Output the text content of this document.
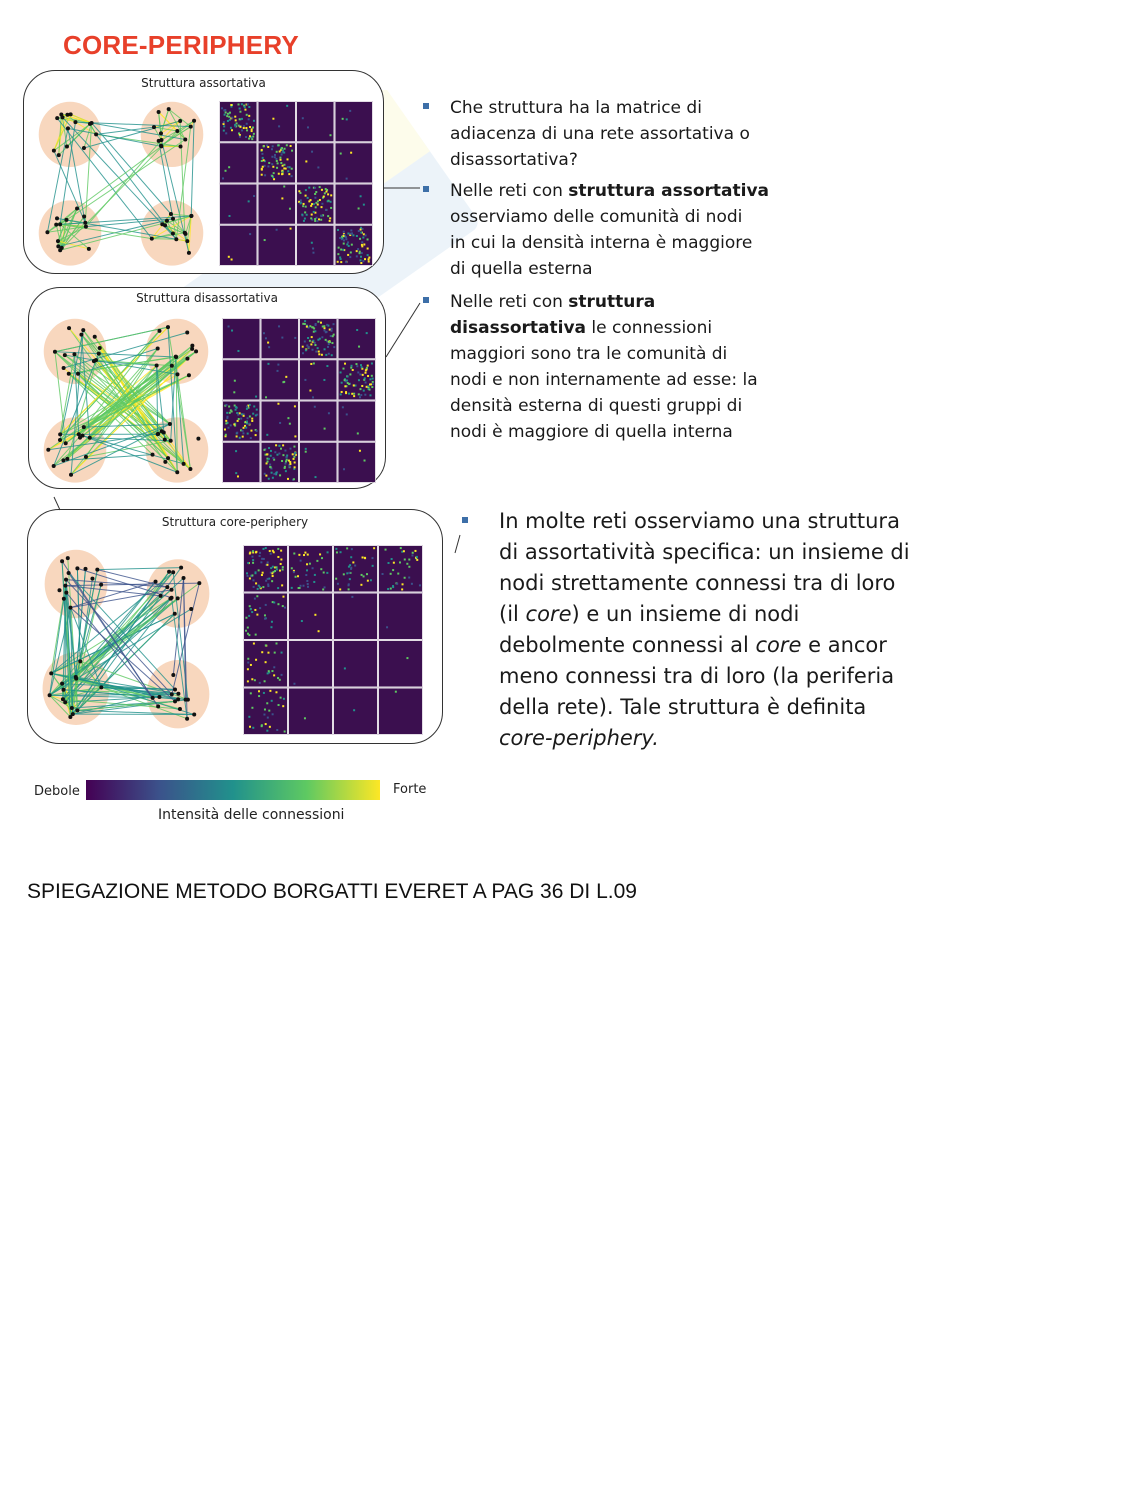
CORE-PERIPHERY
Struttura assortativa
Struttura disassortativa
Struttura core-periphery
Che struttura ha la matrice di
adiacenza di una rete assortativa o
disassortativa?
Nelle reti con struttura assortativa
osserviamo delle comunità di nodi
in cui la densità interna è maggiore
di quella esterna
Nelle reti con struttura
disassortativa le connessioni
maggiori sono tra le comunità di
nodi e non internamente ad esse: la
densità esterna di questi gruppi di
nodi è maggiore di quella interna
In molte reti osserviamo una struttura
di assortatività specifica: un insieme di
nodi strettamente connessi tra di loro
(il core) e un insieme di nodi
debolmente connessi al core e ancor
meno connessi tra di loro (la periferia
della rete). Tale struttura è definita
core-periphery.
Debole	Forte
Intensità delle connessioni
SPIEGAZIONE METODO BORGATTI EVERET A PAG 36 DI L.09
